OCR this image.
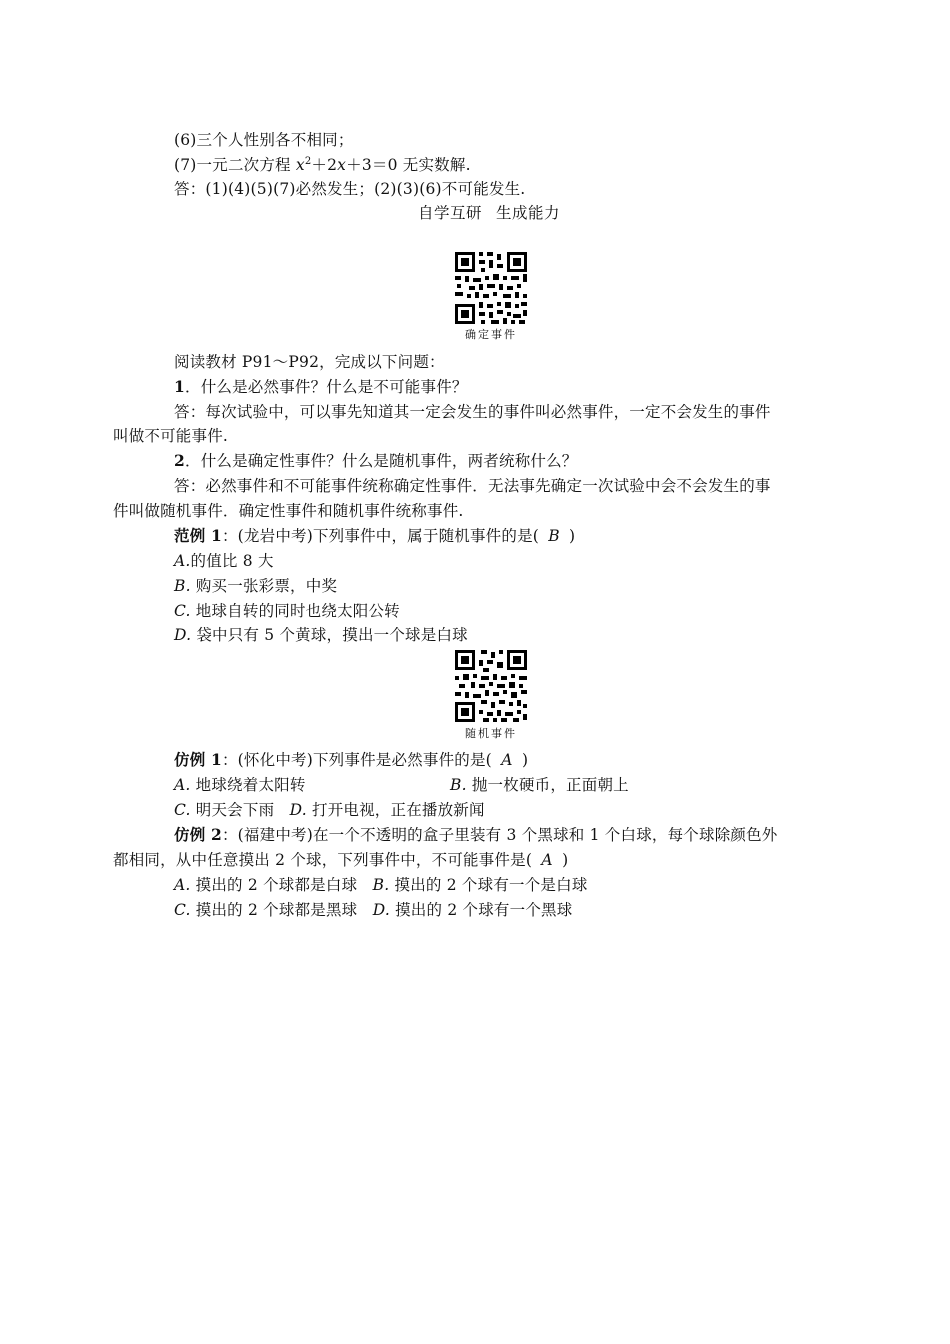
(6)三个人性别各不相同；
(7)一元二次方程 $x^2+2x+3=0$ 无实数解.
答：(1)(4)(5)(7)必然发生；(2)(3)(6)不可能发生.
自学互研 生成能力
确定事件
阅读教材 P91～P92，完成以下问题：
1．什么是必然事件？什么是不可能事件？
答：每次试验中，可以事先知道其一定会发生的事件叫必然事件，一定不会发生的事件
叫做不可能事件.
2．什么是确定性事件？什么是随机事件，两者统称什么？
答：必然事件和不可能事件统称确定性事件．无法事先确定一次试验中会不会发生的事
件叫做随机事件．确定性事件和随机事件统称事件.
范例 1：(龙岩中考)下列事件中，属于随机事件的是( B )
A.的值比 8 大
B. 购买一张彩票，中奖
C. 地球自转的同时也绕太阳公转
D. 袋中只有 5 个黄球，摸出一个球是白球
随机事件
仿例 1：(怀化中考)下列事件是必然事件的是( A )
A. 地球绕着太阳转	B. 抛一枚硬币，正面朝上
C. 明天会下雨 D. 打开电视，正在播放新闻
仿例 2：(福建中考)在一个不透明的盒子里装有 3 个黑球和 1 个白球，每个球除颜色外
都相同，从中任意摸出 2 个球，下列事件中，不可能事件是( A )
A. 摸出的 2 个球都是白球 B. 摸出的 2 个球有一个是白球
C. 摸出的 2 个球都是黑球 D. 摸出的 2 个球有一个黑球
